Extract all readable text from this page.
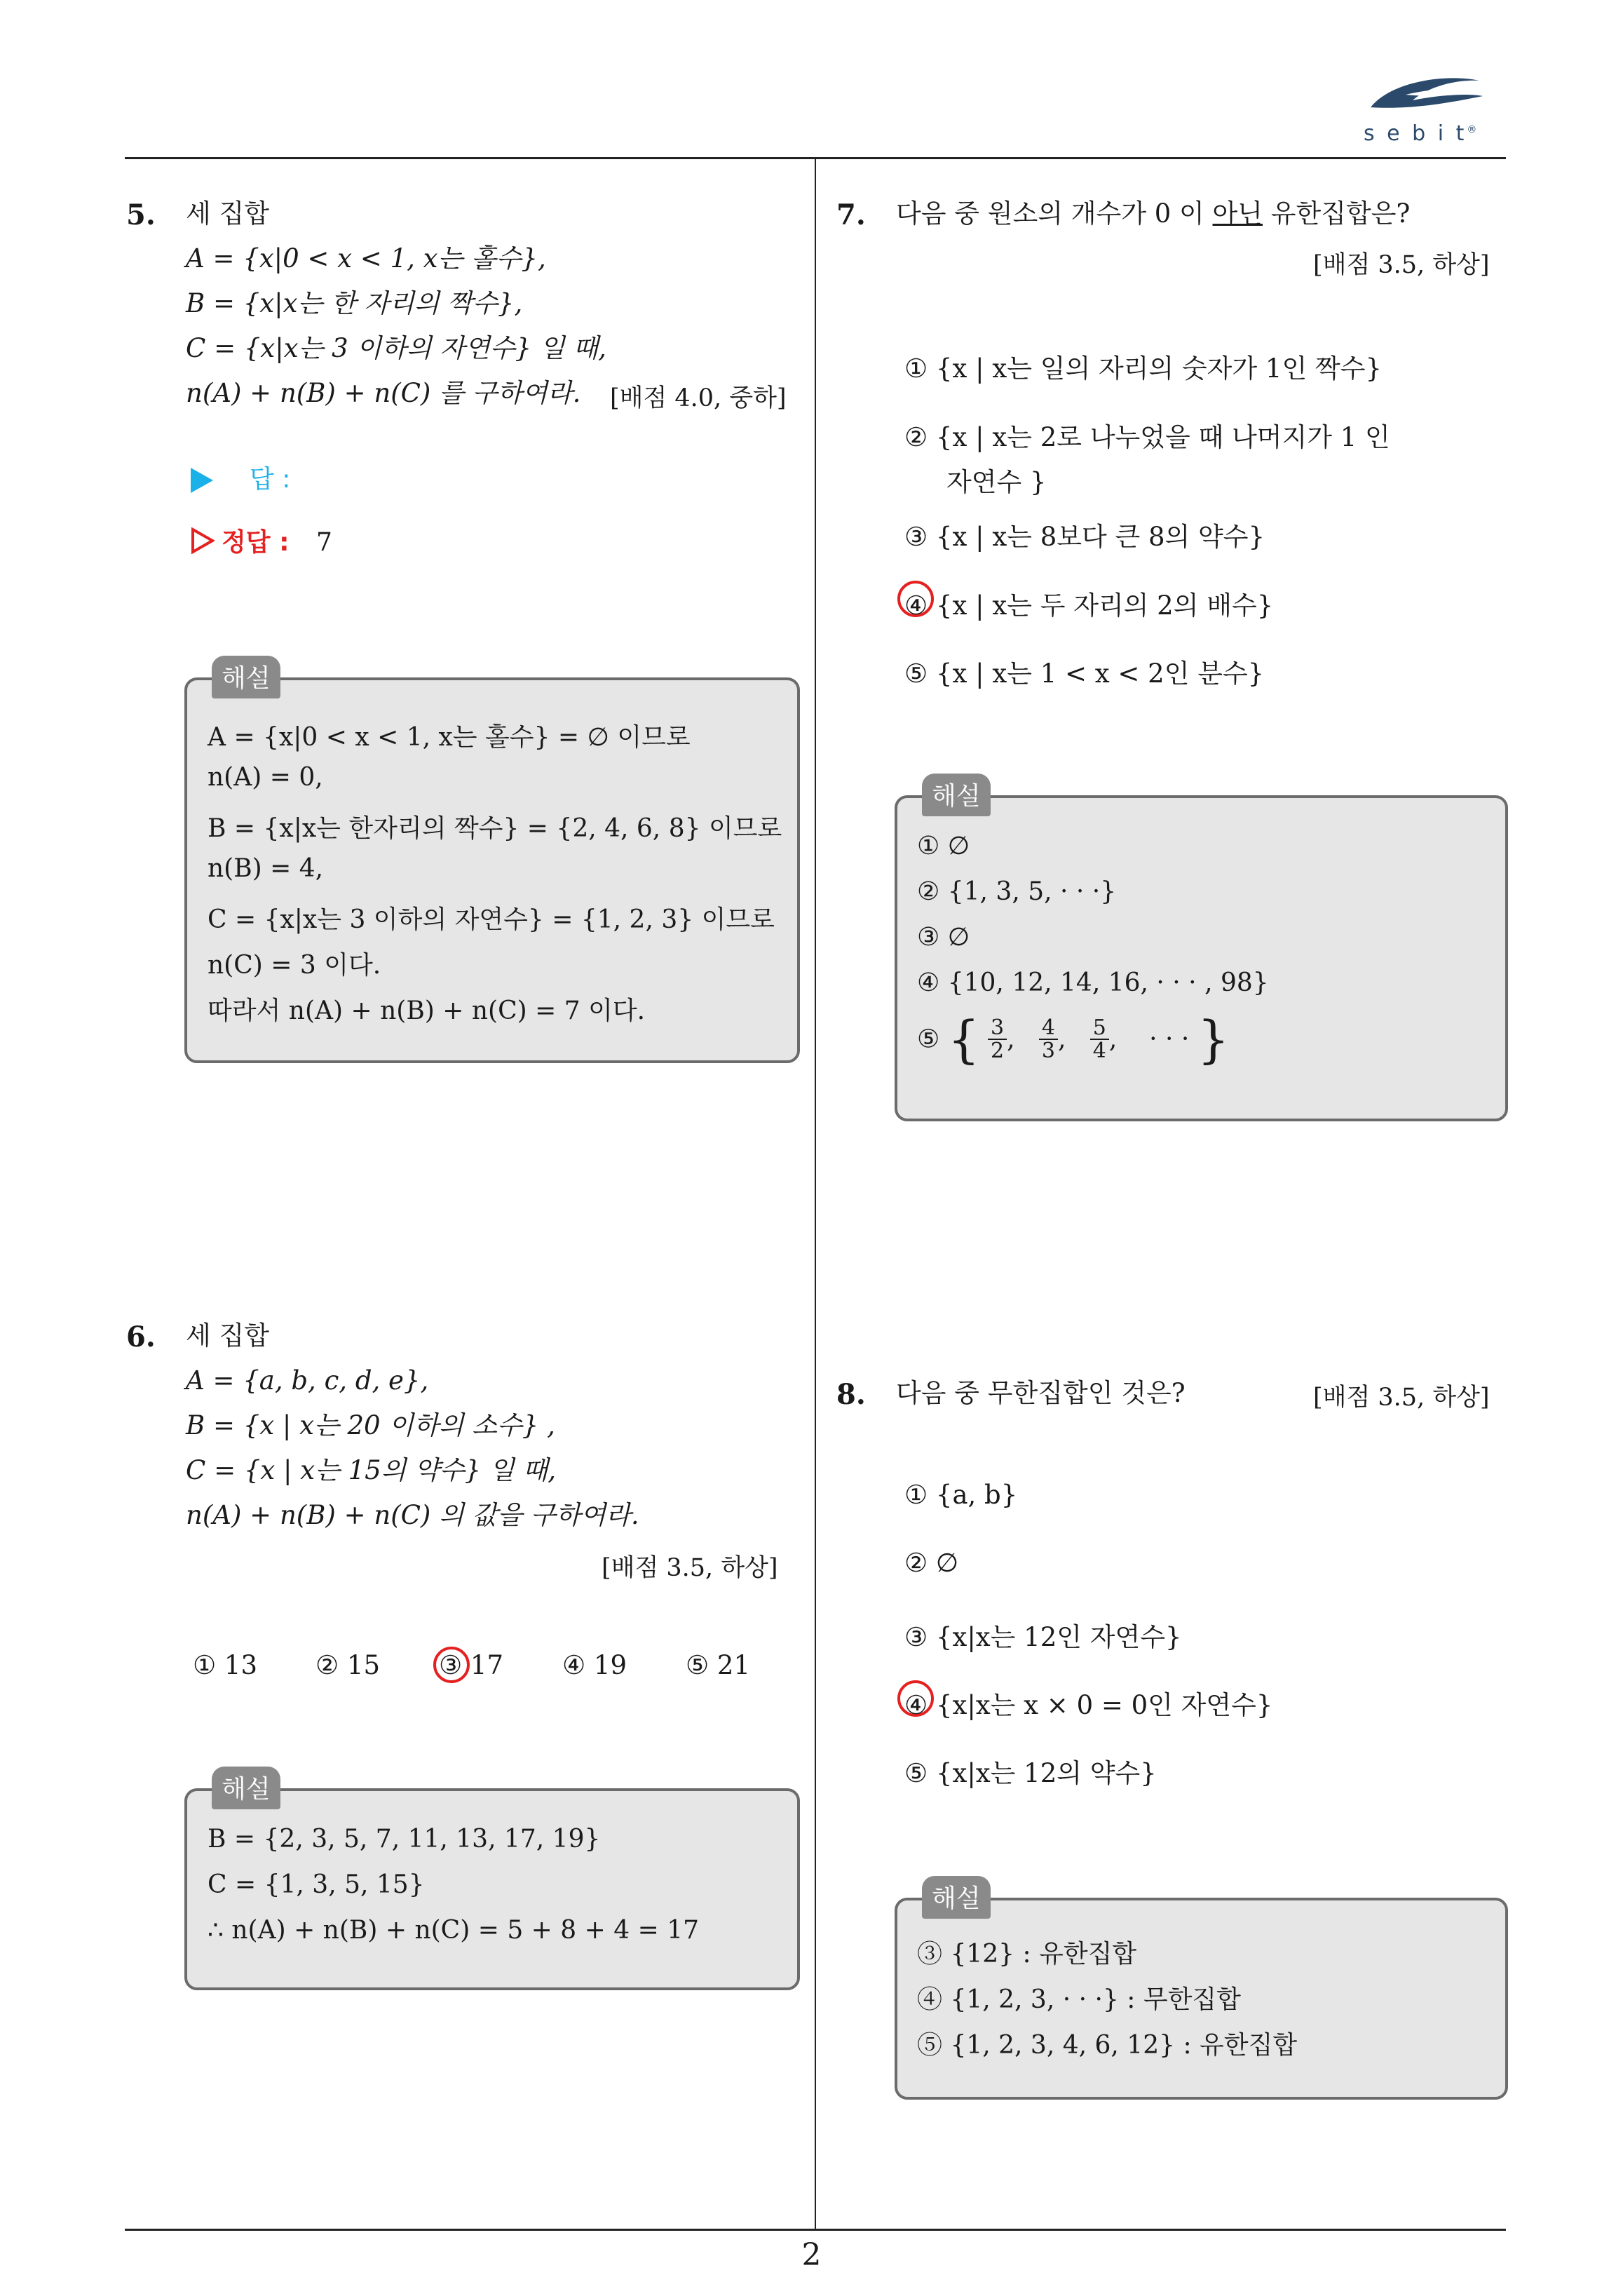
s e b i t®
5. 세 집합
A = {x|0 < x < 1, x는 홀수},
B = {x|x는 한 자리의 짝수},
C = {x|x는 3 이하의 자연수} 일 때,
n(A) + n(B) + n(C) 를 구하여라. [배점 4.0, 중하]
답 :
정답 : 7
해설
A = {x|0 < x < 1, x는 홀수} = ∅ 이므로
n(A) = 0,
B = {x|x는 한자리의 짝수} = {2, 4, 6, 8} 이므로
n(B) = 4,
C = {x|x는 3 이하의 자연수} = {1, 2, 3} 이므로
n(C) = 3 이다.
따라서 n(A) + n(B) + n(C) = 7 이다.
6. 세 집합
A = {a, b, c, d, e},
B = {x | x는 20 이하의 소수} ,
C = {x | x는 15의 약수} 일 때,
n(A) + n(B) + n(C) 의 값을 구하여라.
[배점 3.5, 하상]
① 13 ② 15 ③ 17 ④ 19 ⑤ 21
해설
B = {2, 3, 5, 7, 11, 13, 17, 19}
C = {1, 3, 5, 15}
∴ n(A) + n(B) + n(C) = 5 + 8 + 4 = 17
7. 다음 중 원소의 개수가 0 이 아닌 유한집합은?
[배점 3.5, 하상]
① {x | x는 일의 자리의 숫자가 1인 짝수}
② {x | x는 2로 나누었을 때 나머지가 1 인
자연수 }
③ {x | x는 8보다 큰 8의 약수}
④ {x | x는 두 자리의 2의 배수}
⑤ {x | x는 1 < x < 2인 분수}
해설
① ∅
② {1, 3, 5, · · ·}
③ ∅
④ {10, 12, 14, 16, · · · , 98}
⑤ { $\frac{3}{2}$ , $\frac{4}{3}$ , $\frac{5}{4}$ ,    · · · }
8. 다음 중 무한집합인 것은?	[배점 3.5, 하상]
① {a, b}
② ∅
③ {x|x는 12인 자연수}
④ {x|x는 x × 0 = 0인 자연수}
⑤ {x|x는 12의 약수}
해설
③ {12} : 유한집합
④ {1, 2, 3, · · ·} : 무한집합
⑤ {1, 2, 3, 4, 6, 12} : 유한집합
2
